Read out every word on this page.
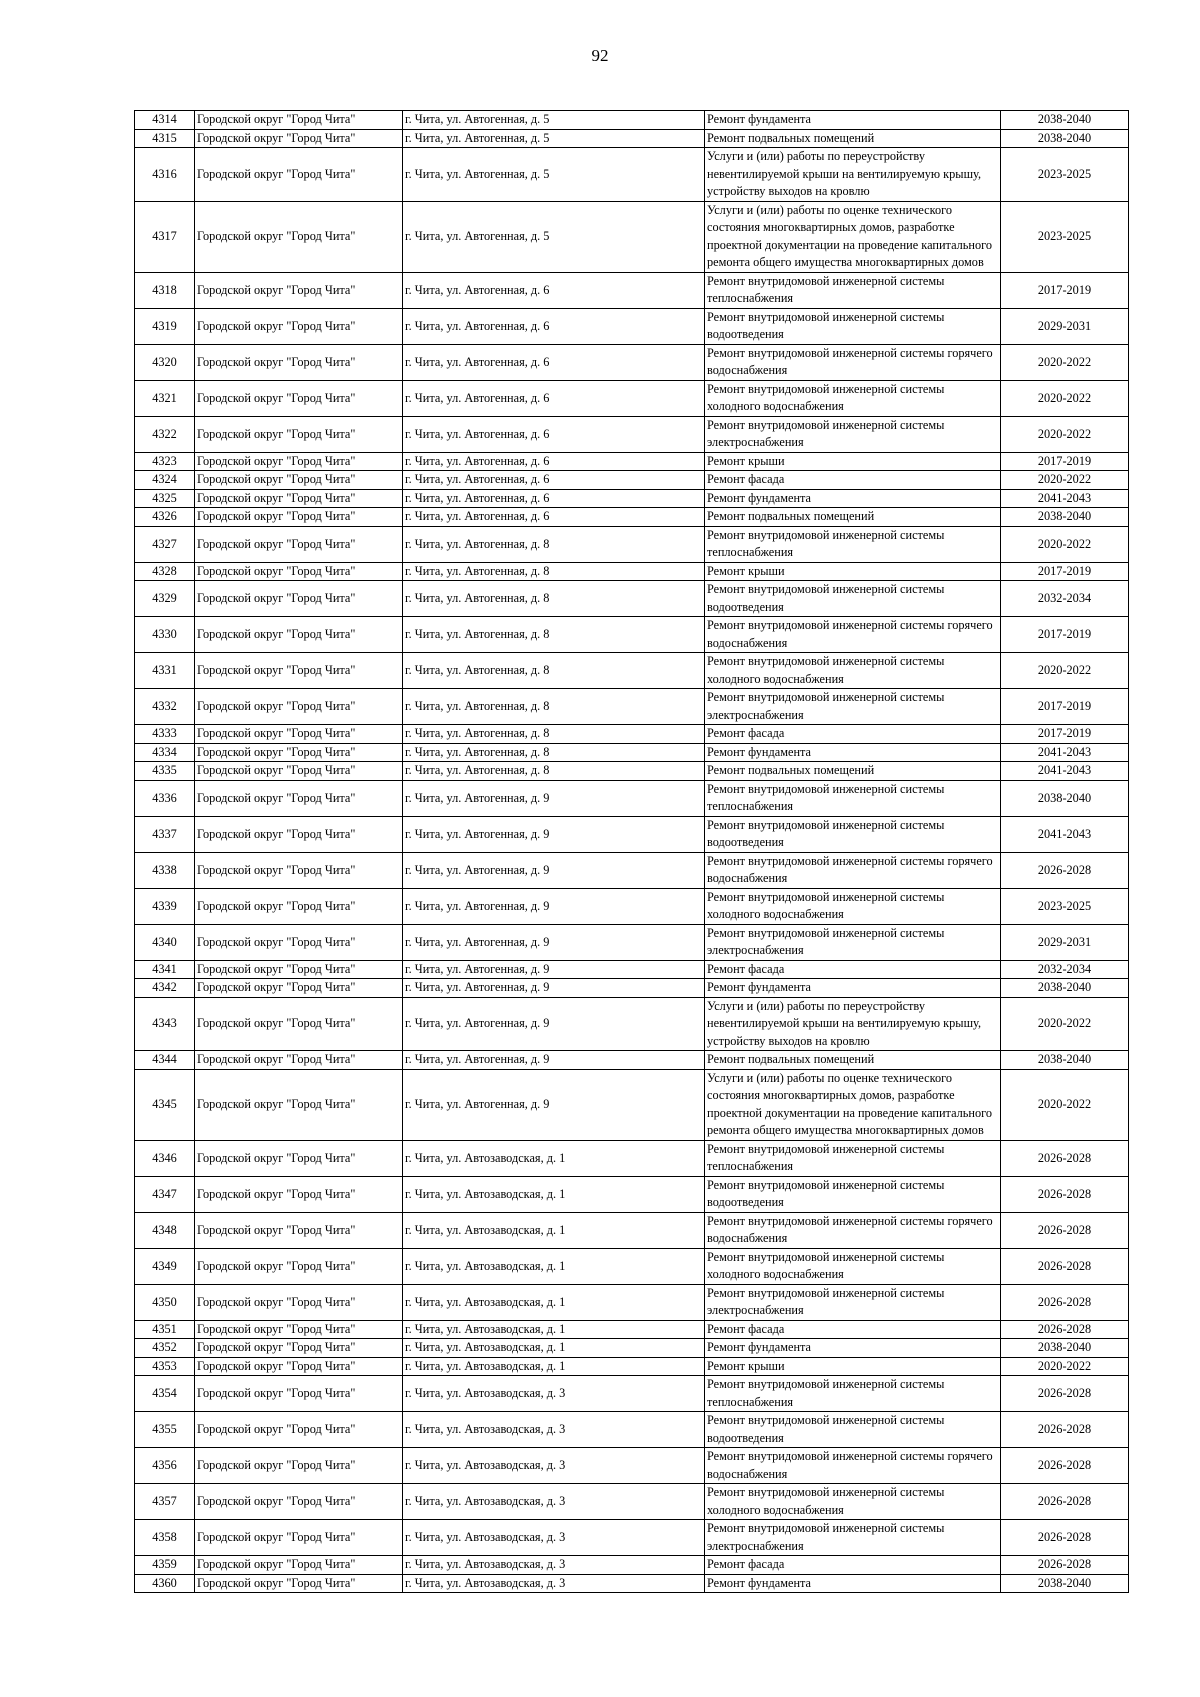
92
4314	Городской округ "Город Чита"	г. Чита, ул. Автогенная, д. 5	Ремонт фундамента	2038-2040
4315	Городской округ "Город Чита"	г. Чита, ул. Автогенная, д. 5	Ремонт подвальных помещений	2038-2040
4316	Городской округ "Город Чита"	г. Чита, ул. Автогенная, д. 5	Услуги и (или) работы по переустройству невентилируемой крыши на вентилируемую крышу, устройству выходов на кровлю	2023-2025
4317	Городской округ "Город Чита"	г. Чита, ул. Автогенная, д. 5	Услуги и (или) работы по оценке технического состояния многоквартирных домов, разработке проектной документации на проведение капитального ремонта общего имущества многоквартирных домов	2023-2025
4318	Городской округ "Город Чита"	г. Чита, ул. Автогенная, д. 6	Ремонт внутридомовой инженерной системы теплоснабжения	2017-2019
4319	Городской округ "Город Чита"	г. Чита, ул. Автогенная, д. 6	Ремонт внутридомовой инженерной системы водоотведения	2029-2031
4320	Городской округ "Город Чита"	г. Чита, ул. Автогенная, д. 6	Ремонт внутридомовой инженерной системы горячего водоснабжения	2020-2022
4321	Городской округ "Город Чита"	г. Чита, ул. Автогенная, д. 6	Ремонт внутридомовой инженерной системы холодного водоснабжения	2020-2022
4322	Городской округ "Город Чита"	г. Чита, ул. Автогенная, д. 6	Ремонт внутридомовой инженерной системы электроснабжения	2020-2022
4323	Городской округ "Город Чита"	г. Чита, ул. Автогенная, д. 6	Ремонт крыши	2017-2019
4324	Городской округ "Город Чита"	г. Чита, ул. Автогенная, д. 6	Ремонт фасада	2020-2022
4325	Городской округ "Город Чита"	г. Чита, ул. Автогенная, д. 6	Ремонт фундамента	2041-2043
4326	Городской округ "Город Чита"	г. Чита, ул. Автогенная, д. 6	Ремонт подвальных помещений	2038-2040
4327	Городской округ "Город Чита"	г. Чита, ул. Автогенная, д. 8	Ремонт внутридомовой инженерной системы теплоснабжения	2020-2022
4328	Городской округ "Город Чита"	г. Чита, ул. Автогенная, д. 8	Ремонт крыши	2017-2019
4329	Городской округ "Город Чита"	г. Чита, ул. Автогенная, д. 8	Ремонт внутридомовой инженерной системы водоотведения	2032-2034
4330	Городской округ "Город Чита"	г. Чита, ул. Автогенная, д. 8	Ремонт внутридомовой инженерной системы горячего водоснабжения	2017-2019
4331	Городской округ "Город Чита"	г. Чита, ул. Автогенная, д. 8	Ремонт внутридомовой инженерной системы холодного водоснабжения	2020-2022
4332	Городской округ "Город Чита"	г. Чита, ул. Автогенная, д. 8	Ремонт внутридомовой инженерной системы электроснабжения	2017-2019
4333	Городской округ "Город Чита"	г. Чита, ул. Автогенная, д. 8	Ремонт фасада	2017-2019
4334	Городской округ "Город Чита"	г. Чита, ул. Автогенная, д. 8	Ремонт фундамента	2041-2043
4335	Городской округ "Город Чита"	г. Чита, ул. Автогенная, д. 8	Ремонт подвальных помещений	2041-2043
4336	Городской округ "Город Чита"	г. Чита, ул. Автогенная, д. 9	Ремонт внутридомовой инженерной системы теплоснабжения	2038-2040
4337	Городской округ "Город Чита"	г. Чита, ул. Автогенная, д. 9	Ремонт внутридомовой инженерной системы водоотведения	2041-2043
4338	Городской округ "Город Чита"	г. Чита, ул. Автогенная, д. 9	Ремонт внутридомовой инженерной системы горячего водоснабжения	2026-2028
4339	Городской округ "Город Чита"	г. Чита, ул. Автогенная, д. 9	Ремонт внутридомовой инженерной системы холодного водоснабжения	2023-2025
4340	Городской округ "Город Чита"	г. Чита, ул. Автогенная, д. 9	Ремонт внутридомовой инженерной системы электроснабжения	2029-2031
4341	Городской округ "Город Чита"	г. Чита, ул. Автогенная, д. 9	Ремонт фасада	2032-2034
4342	Городской округ "Город Чита"	г. Чита, ул. Автогенная, д. 9	Ремонт фундамента	2038-2040
4343	Городской округ "Город Чита"	г. Чита, ул. Автогенная, д. 9	Услуги и (или) работы по переустройству невентилируемой крыши на вентилируемую крышу, устройству выходов на кровлю	2020-2022
4344	Городской округ "Город Чита"	г. Чита, ул. Автогенная, д. 9	Ремонт подвальных помещений	2038-2040
4345	Городской округ "Город Чита"	г. Чита, ул. Автогенная, д. 9	Услуги и (или) работы по оценке технического состояния многоквартирных домов, разработке проектной документации на проведение капитального ремонта общего имущества многоквартирных домов	2020-2022
4346	Городской округ "Город Чита"	г. Чита, ул. Автозаводская, д. 1	Ремонт внутридомовой инженерной системы теплоснабжения	2026-2028
4347	Городской округ "Город Чита"	г. Чита, ул. Автозаводская, д. 1	Ремонт внутридомовой инженерной системы водоотведения	2026-2028
4348	Городской округ "Город Чита"	г. Чита, ул. Автозаводская, д. 1	Ремонт внутридомовой инженерной системы горячего водоснабжения	2026-2028
4349	Городской округ "Город Чита"	г. Чита, ул. Автозаводская, д. 1	Ремонт внутридомовой инженерной системы холодного водоснабжения	2026-2028
4350	Городской округ "Город Чита"	г. Чита, ул. Автозаводская, д. 1	Ремонт внутридомовой инженерной системы электроснабжения	2026-2028
4351	Городской округ "Город Чита"	г. Чита, ул. Автозаводская, д. 1	Ремонт фасада	2026-2028
4352	Городской округ "Город Чита"	г. Чита, ул. Автозаводская, д. 1	Ремонт фундамента	2038-2040
4353	Городской округ "Город Чита"	г. Чита, ул. Автозаводская, д. 1	Ремонт крыши	2020-2022
4354	Городской округ "Город Чита"	г. Чита, ул. Автозаводская, д. 3	Ремонт внутридомовой инженерной системы теплоснабжения	2026-2028
4355	Городской округ "Город Чита"	г. Чита, ул. Автозаводская, д. 3	Ремонт внутридомовой инженерной системы водоотведения	2026-2028
4356	Городской округ "Город Чита"	г. Чита, ул. Автозаводская, д. 3	Ремонт внутридомовой инженерной системы горячего водоснабжения	2026-2028
4357	Городской округ "Город Чита"	г. Чита, ул. Автозаводская, д. 3	Ремонт внутридомовой инженерной системы холодного водоснабжения	2026-2028
4358	Городской округ "Город Чита"	г. Чита, ул. Автозаводская, д. 3	Ремонт внутридомовой инженерной системы электроснабжения	2026-2028
4359	Городской округ "Город Чита"	г. Чита, ул. Автозаводская, д. 3	Ремонт фасада	2026-2028
4360	Городской округ "Город Чита"	г. Чита, ул. Автозаводская, д. 3	Ремонт фундамента	2038-2040
